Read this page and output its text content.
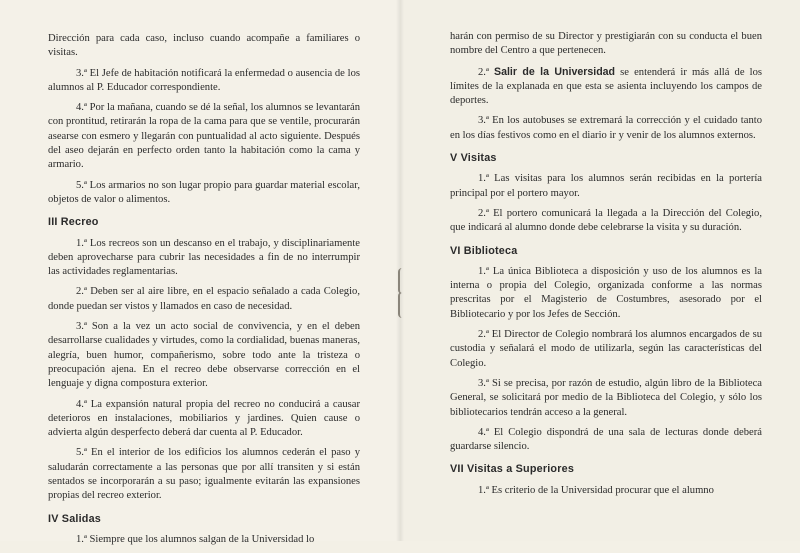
Dirección para cada caso, incluso cuando acompañe a familiares o visitas.

3.ª El Jefe de habitación notificará la enfermedad o ausencia de los alumnos al P. Educador correspondiente.

4.ª Por la mañana, cuando se dé la señal, los alumnos se levantarán con prontitud, retirarán la ropa de la cama para que se ventile, procurarán asearse con esmero y llegarán con puntualidad al acto siguiente. Después del aseo dejarán en perfecto orden tanto la habitación como la cama y armario.

5.ª Los armarios no son lugar propio para guardar material escolar, objetos de valor o alimentos.

III Recreo

1.ª Los recreos son un descanso en el trabajo, y disciplinariamente deben aprovecharse para cubrir las necesidades a fin de no interrumpir las actividades reglamentarias.

2.ª Deben ser al aire libre, en el espacio señalado a cada Colegio, donde puedan ser vistos y llamados en caso de necesidad.

3.ª Son a la vez un acto social de convivencia, y en el deben desarrollarse cualidades y virtudes, como la cordialidad, buenas maneras, alegría, buen humor, compañerismo, sobre todo ante la tristeza o preocupación ajena. En el recreo debe observarse corrección en el lenguaje y digna compostura exterior.

4.ª La expansión natural propia del recreo no conducirá a causar deterioros en instalaciones, mobiliarios y jardines. Quien cause o advierta algún desperfecto deberá dar cuenta al P. Educador.

5.ª En el interior de los edificios los alumnos cederán el paso y saludarán correctamente a las personas que por allí transiten y si están sentados se incorporarán a su paso; igualmente evitarán las expansiones propias del recreo exterior.

IV Salidas

1.ª Siempre que los alumnos salgan de la Universidad lo

harán con permiso de su Director y prestigiarán con su conducta el buen nombre del Centro a que pertenecen.

2.ª Salir de la Universidad se entenderá ir más allá de los límites de la explanada en que esta se asienta incluyendo los campos de deportes.

3.ª En los autobuses se extremará la corrección y el cuidado tanto en los días festivos como en el diario ir y venir de los alumnos externos.

V Visitas

1.ª Las visitas para los alumnos serán recibidas en la portería principal por el portero mayor.

2.ª El portero comunicará la llegada a la Dirección del Colegio, que indicará al alumno donde debe celebrarse la visita y su duración.

VI Biblioteca

1.ª La única Biblioteca a disposición y uso de los alumnos es la interna o propia del Colegio, organizada conforme a las normas prescritas por el Magisterio de Costumbres, asesorado por el Bibliotecario y por los Jefes de Sección.

2.ª El Director de Colegio nombrará los alumnos encargados de su custodia y señalará el modo de utilizarla, según las características del Colegio.

3.ª Si se precisa, por razón de estudio, algún libro de la Biblioteca General, se solicitará por medio de la Biblioteca del Colegio, y sólo los bibliotecarios tendrán acceso a la general.

4.ª El Colegio dispondrá de una sala de lecturas donde deberá guardarse silencio.

VII Visitas a Superiores

1.ª Es criterio de la Universidad procurar que el alumno
